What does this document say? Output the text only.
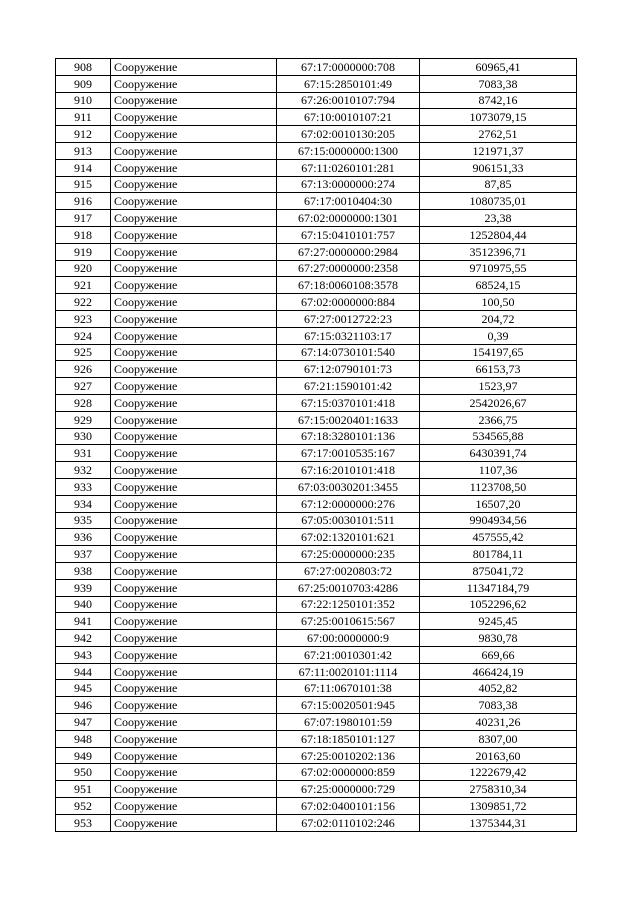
908	Сооружение	67:17:0000000:708	60965,41
909	Сооружение	67:15:2850101:49	7083,38
910	Сооружение	67:26:0010107:794	8742,16
911	Сооружение	67:10:0010107:21	1073079,15
912	Сооружение	67:02:0010130:205	2762,51
913	Сооружение	67:15:0000000:1300	121971,37
914	Сооружение	67:11:0260101:281	906151,33
915	Сооружение	67:13:0000000:274	87,85
916	Сооружение	67:17:0010404:30	1080735,01
917	Сооружение	67:02:0000000:1301	23,38
918	Сооружение	67:15:0410101:757	1252804,44
919	Сооружение	67:27:0000000:2984	3512396,71
920	Сооружение	67:27:0000000:2358	9710975,55
921	Сооружение	67:18:0060108:3578	68524,15
922	Сооружение	67:02:0000000:884	100,50
923	Сооружение	67:27:0012722:23	204,72
924	Сооружение	67:15:0321103:17	0,39
925	Сооружение	67:14:0730101:540	154197,65
926	Сооружение	67:12:0790101:73	66153,73
927	Сооружение	67:21:1590101:42	1523,97
928	Сооружение	67:15:0370101:418	2542026,67
929	Сооружение	67:15:0020401:1633	2366,75
930	Сооружение	67:18:3280101:136	534565,88
931	Сооружение	67:17:0010535:167	6430391,74
932	Сооружение	67:16:2010101:418	1107,36
933	Сооружение	67:03:0030201:3455	1123708,50
934	Сооружение	67:12:0000000:276	16507,20
935	Сооружение	67:05:0030101:511	9904934,56
936	Сооружение	67:02:1320101:621	457555,42
937	Сооружение	67:25:0000000:235	801784,11
938	Сооружение	67:27:0020803:72	875041,72
939	Сооружение	67:25:0010703:4286	11347184,79
940	Сооружение	67:22:1250101:352	1052296,62
941	Сооружение	67:25:0010615:567	9245,45
942	Сооружение	67:00:0000000:9	9830,78
943	Сооружение	67:21:0010301:42	669,66
944	Сооружение	67:11:0020101:1114	466424,19
945	Сооружение	67:11:0670101:38	4052,82
946	Сооружение	67:15:0020501:945	7083,38
947	Сооружение	67:07:1980101:59	40231,26
948	Сооружение	67:18:1850101:127	8307,00
949	Сооружение	67:25:0010202:136	20163,60
950	Сооружение	67:02:0000000:859	1222679,42
951	Сооружение	67:25:0000000:729	2758310,34
952	Сооружение	67:02:0400101:156	1309851,72
953	Сооружение	67:02:0110102:246	1375344,31
